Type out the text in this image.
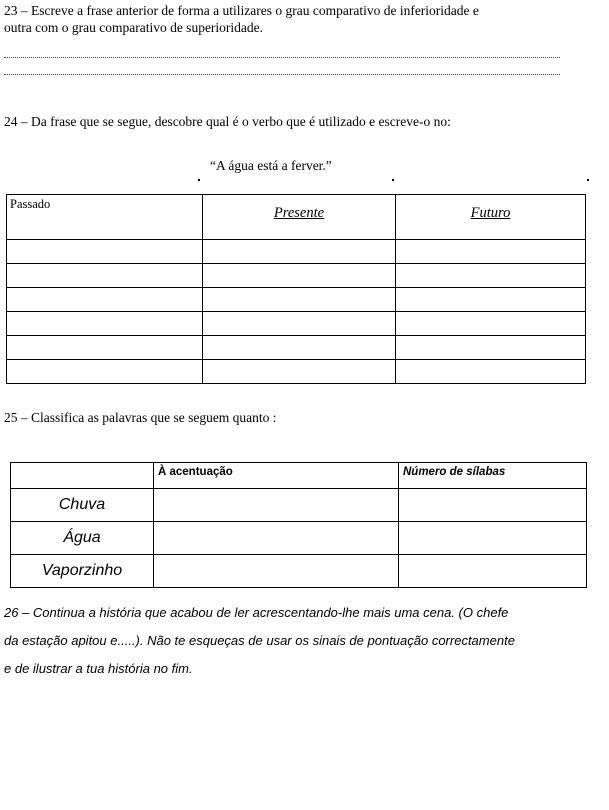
23 – Escreve a frase anterior de forma a utilizares o grau comparativo de inferioridade e
outra com o grau comparativo de superioridade.
24 – Da frase que se segue, descobre qual é o verbo que é utilizado e escreve-o no:
“A água está a ferver.”
Passado	Presente	Futuro

25 – Classifica as palavras que se seguem quanto :
	À acentuação	Número de sílabas
Chuva		
Água		
Vaporzinho		
26 – Continua a história que acabou de ler acrescentando-lhe mais uma cena. (O chefe
da estação apitou e.....). Não te esqueças de usar os sinais de pontuação correctamente
e de ilustrar a tua história no fim.
